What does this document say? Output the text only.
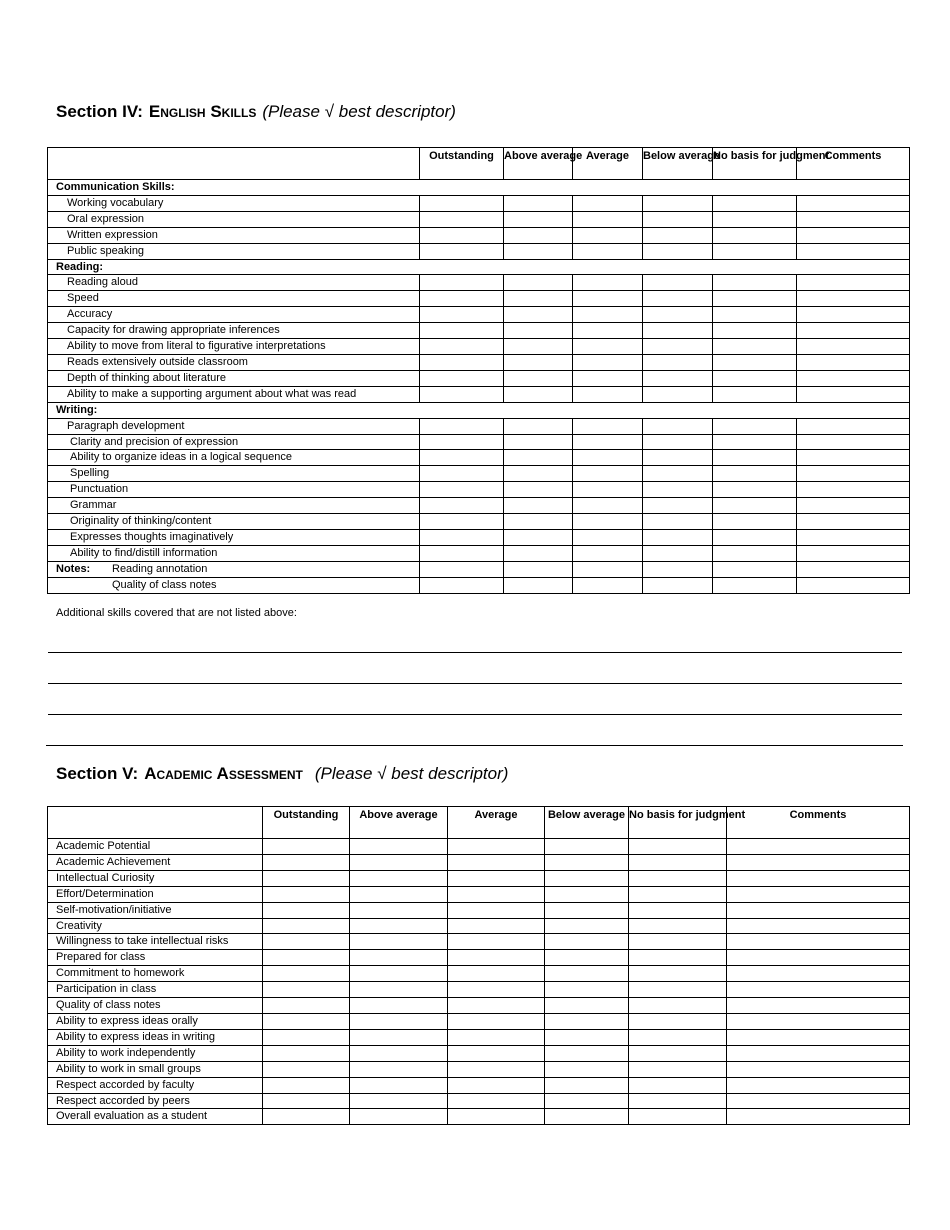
Section IV: English Skills (Please √ best descriptor)
	Outstanding	Above average	Average	Below average	No basis for judgment	Comments
Communication Skills:						
Working vocabulary						
Oral expression						
Written expression						
Public speaking						
Reading:						
Reading aloud						
Speed						
Accuracy						
Capacity for drawing appropriate inferences						
Ability to move from literal to figurative interpretations						
Reads extensively outside classroom						
Depth of thinking about literature						
Ability to make a supporting argument about what was read						
Writing:						
Paragraph development						
Clarity and precision of expression						
Ability to organize ideas in a logical sequence						
Spelling						
Punctuation						
Grammar						
Originality of thinking/content						
Expresses thoughts imaginatively						
Ability to find/distill information						
Notes: Reading annotation						
Quality of class notes						
Additional skills covered that are not listed above:
Section V: Academic Assessment (Please √ best descriptor)
	Outstanding	Above average	Average	Below average	No basis for judgment	Comments
Academic Potential						
Academic Achievement						
Intellectual Curiosity						
Effort/Determination						
Self-motivation/initiative						
Creativity						
Willingness to take intellectual risks						
Prepared for class						
Commitment to homework						
Participation in class						
Quality of class notes						
Ability to express ideas orally						
Ability to express ideas in writing						
Ability to work independently						
Ability to work in small groups						
Respect accorded by faculty						
Respect accorded by peers						
Overall evaluation as a student						
